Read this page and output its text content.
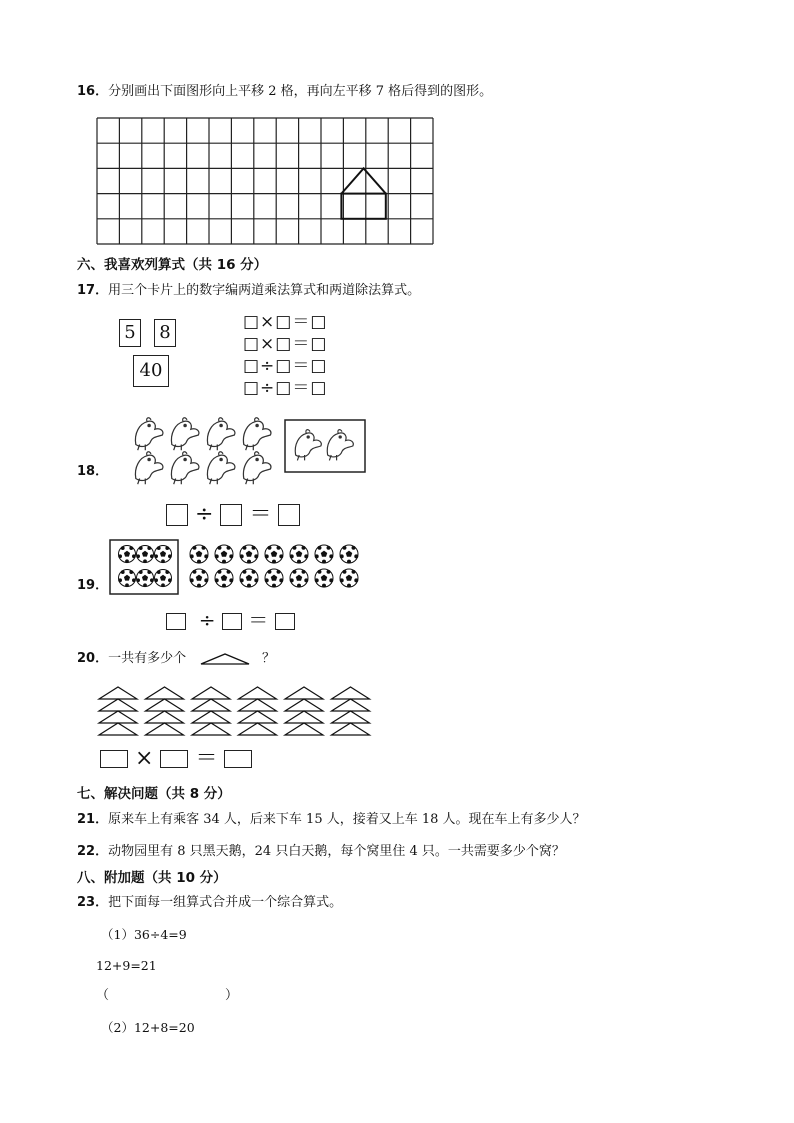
16．分别画出下面图形向上平移 2 格，再向左平移 7 格后得到的图形。
六、我喜欢列算式（共 16 分）
17．用三个卡片上的数字编两道乘法算式和两道除法算式。
5 8
40
□×□＝□
□×□＝□
□÷□＝□
□÷□＝□
18．
÷ ＝
19．
÷ ＝
20．一共有多少个	？
× ＝
七、解决问题（共 8 分）
21．原来车上有乘客 34 人，后来下车 15 人，接着又上车 18 人。现在车上有多少人？
22．动物园里有 8 只黑天鹅，24 只白天鹅，每个窝里住 4 只。一共需要多少个窝？
八、附加题（共 10 分）
23．把下面每一组算式合并成一个综合算式。
（1）36÷4=9
12+9=21
（	）
（2）12+8=20
